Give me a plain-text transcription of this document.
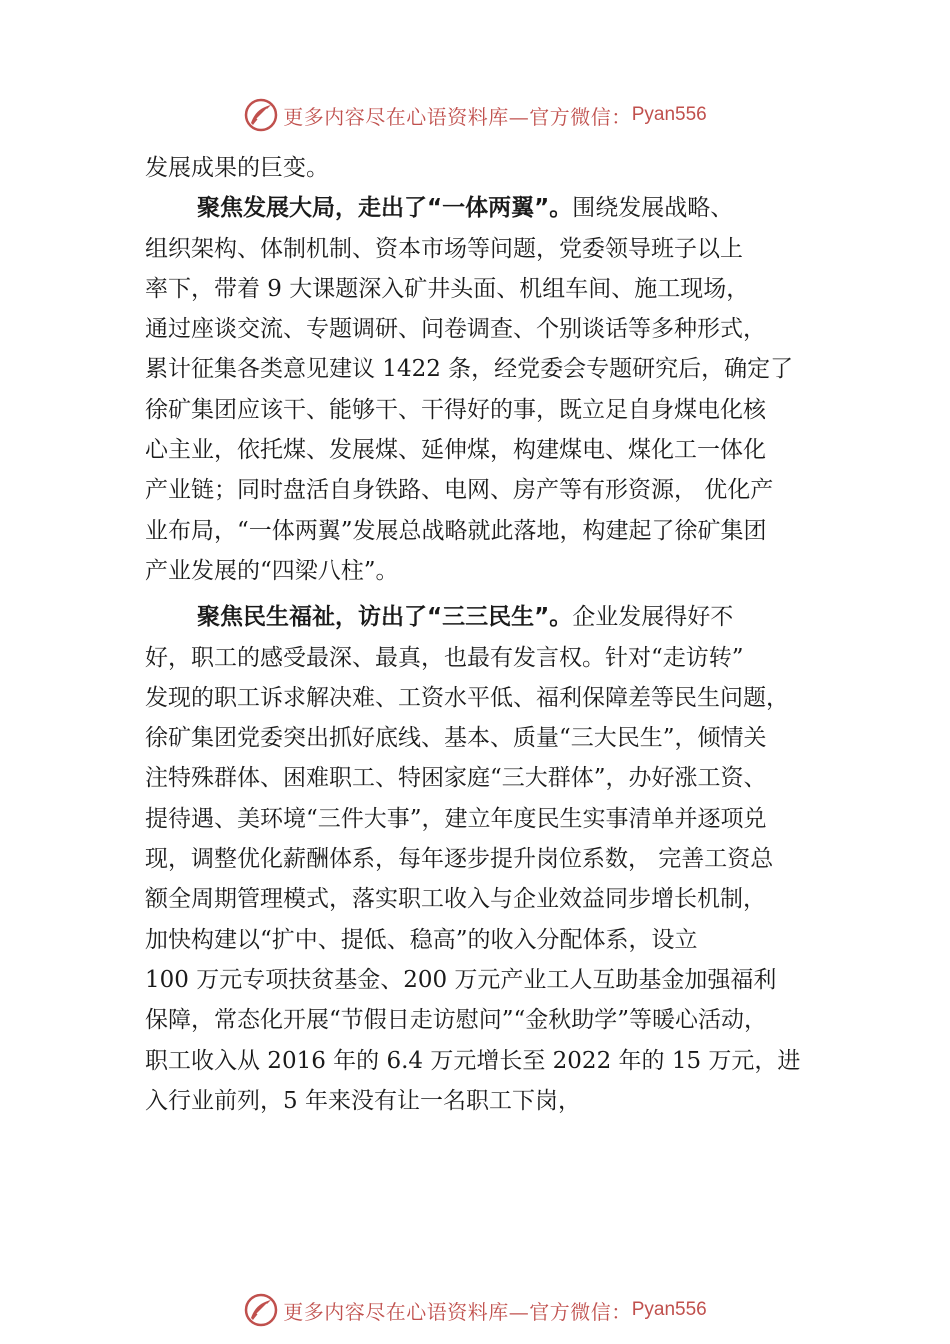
更多内容尽在心语资料库—官方微信： Pyan556
发展成果的巨变。
聚焦发展大局，走出了“一体两翼”。围绕发展战略、
组织架构、体制机制、资本市场等问题，党委领导班子以上
率下，带着 9 大课题深入矿井头面、机组车间、施工现场，
通过座谈交流、专题调研、问卷调查、个别谈话等多种形式，
累计征集各类意见建议 1422 条，经党委会专题研究后，确定了
徐矿集团应该干、能够干、干得好的事，既立足自身煤电化核
心主业，依托煤、发展煤、延伸煤，构建煤电、煤化工一体化
产业链；同时盘活自身铁路、电网、房产等有形资源， 优化产
业布局，“一体两翼”发展总战略就此落地，构建起了徐矿集团
产业发展的“四梁八柱”。
聚焦民生福祉，访出了“三三民生”。企业发展得好不
好，职工的感受最深、最真，也最有发言权。针对“走访转”
发现的职工诉求解决难、工资水平低、福利保障差等民生问题，
徐矿集团党委突出抓好底线、基本、质量“三大民生”，倾情关
注特殊群体、困难职工、特困家庭“三大群体”，办好涨工资、
提待遇、美环境“三件大事”，建立年度民生实事清单并逐项兑
现，调整优化薪酬体系，每年逐步提升岗位系数， 完善工资总
额全周期管理模式，落实职工收入与企业效益同步增长机制，
加快构建以“扩中、提低、稳高”的收入分配体系，设立
100 万元专项扶贫基金、200 万元产业工人互助基金加强福利
保障，常态化开展“节假日走访慰问”“金秋助学”等暖心活动，
职工收入从 2016 年的 6.4 万元增长至 2022 年的 15 万元，进
入行业前列，5 年来没有让一名职工下岗，
更多内容尽在心语资料库—官方微信： Pyan556
